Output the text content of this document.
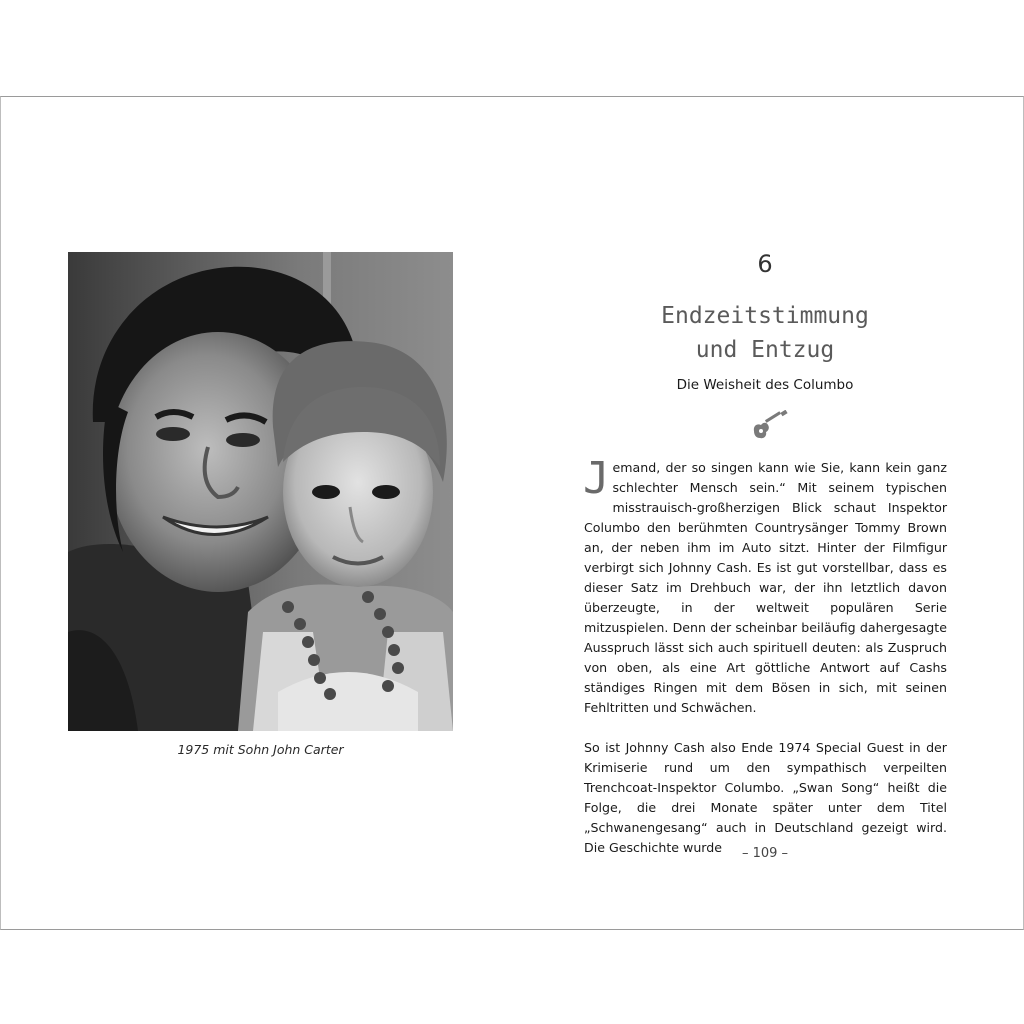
1975 mit Sohn John Carter
6
Endzeitstimmung
und Entzug
Die Weisheit des Columbo

Jemand, der so singen kann wie Sie, kann kein ganz schlechter Mensch sein.“ Mit seinem typischen misstrauisch-großherzigen Blick schaut Inspektor Columbo den berühmten Countrysänger Tommy Brown an, der neben ihm im Auto sitzt. Hinter der Filmfigur verbirgt sich Johnny Cash. Es ist gut vorstellbar, dass es dieser Satz im Drehbuch war, der ihn letztlich davon überzeugte, in der weltweit populären Serie mitzuspielen. Denn der scheinbar beiläufig dahergesagte Ausspruch lässt sich auch spirituell deuten: als Zuspruch von oben, als eine Art göttliche Antwort auf Cashs ständiges Ringen mit dem Bösen in sich, mit seinen Fehltritten und Schwächen.

So ist Johnny Cash also Ende 1974 Special Guest in der Krimiserie rund um den sympathisch verpeilten Trenchcoat-Inspektor Columbo. „Swan Song“ heißt die Folge, die drei Monate später unter dem Titel „Schwanengesang“ auch in Deutschland gezeigt wird. Die Geschichte wurde	– 109 –
